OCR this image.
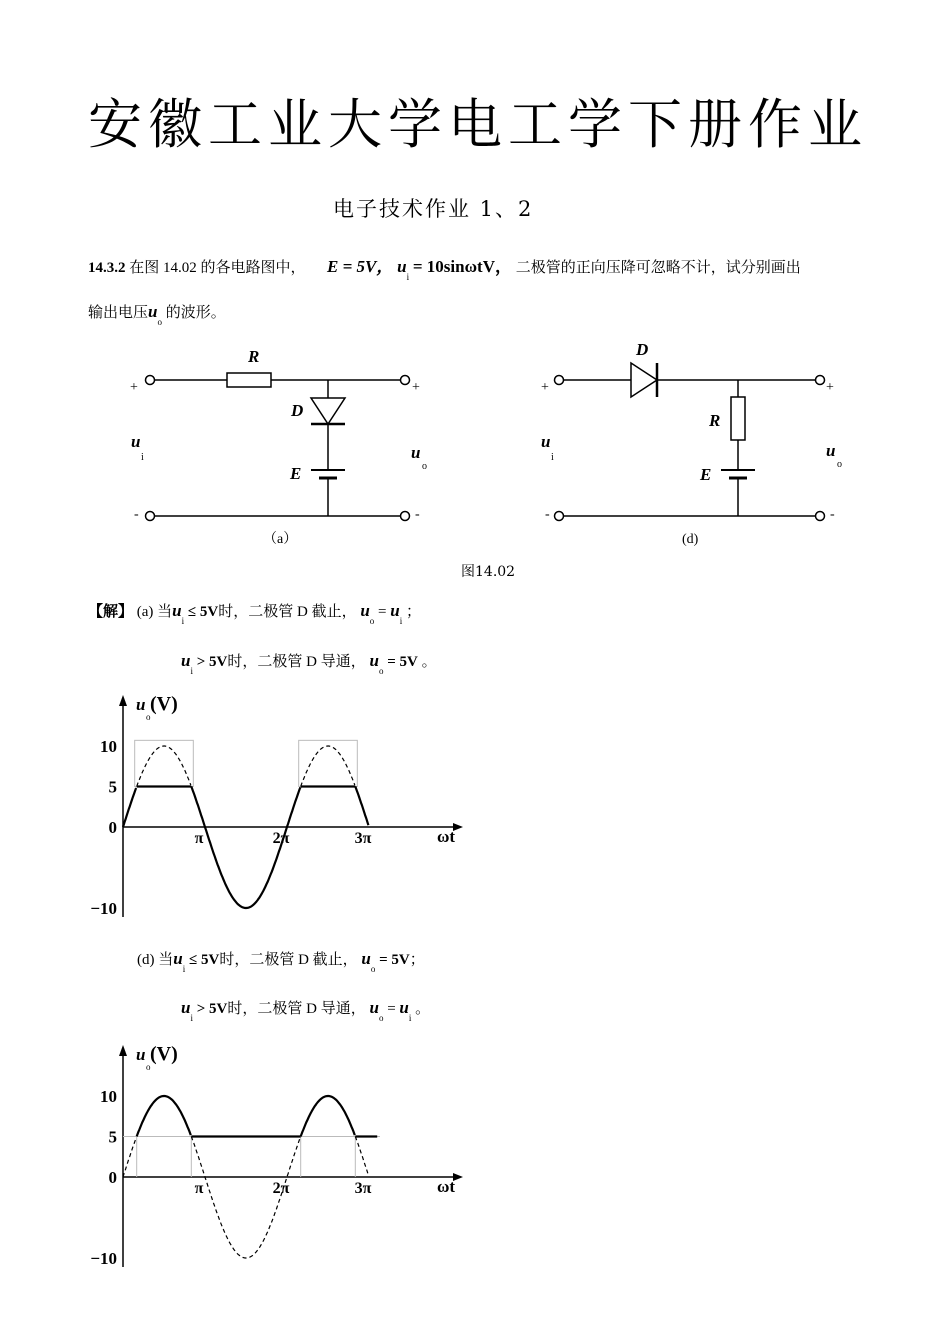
安徽工业大学电工学下册作业
电子技术作业 1、2
14.3.2 在图 14.02 的各电路图中， E = 5V， $u_i = 10\sin\omega tV$， 二极管的正向压降可忽略不计，试分别画出
输出电压$u_o$ 的波形。
R
D
E
+	+
-	-
u
i	u
o
（a）
D
R
E
+	+
-	-
u
i	u
o
(d)
图14.02
【解】 (a) 当$u_i \le 5V$时，二极管 D 截止， $u_o = u_i$ ；
$u_i > 5V$时，二极管 D 导通， $u_o = 5V$ 。
u
o
(V)
ωt
10
5
0
−10
π	2π	3π
(d) 当$u_i \le 5V$时，二极管 D 截止， $u_o = 5V$；
$u_i > 5V$时，二极管 D 导通， $u_o = u_i$ 。
u
o
(V)
ωt
10
5
0
−10
π	2π	3π
